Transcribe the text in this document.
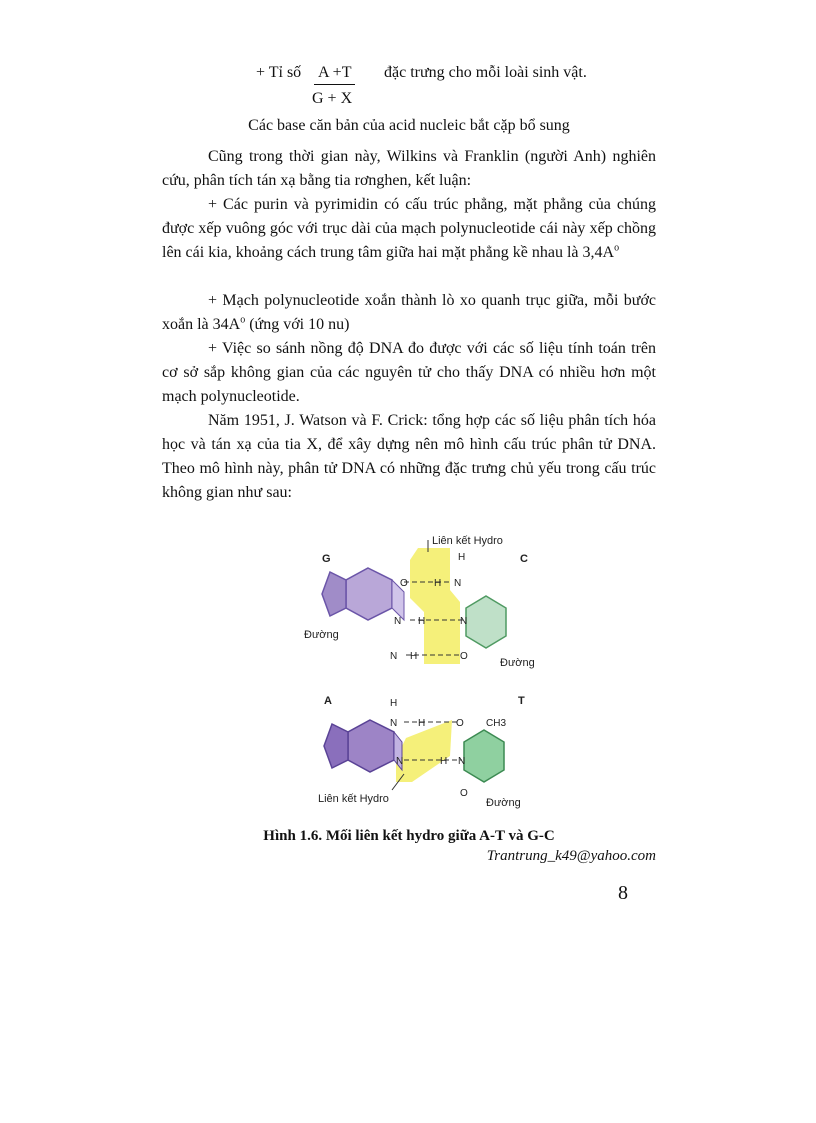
+ Tỉ số A +T
G + X
đặc trưng cho mỗi loài sinh vật.
Các base căn bản của acid nucleic bắt cặp bổ sung
Cũng trong thời gian này, Wilkins và Franklin (người Anh) nghiên cứu, phân tích tán xạ bằng tia rơnghen, kết luận:
+ Các purin và pyrimidin có cấu trúc phẳng, mặt phẳng của chúng được xếp vuông góc với trục dài của mạch polynucleotide cái này xếp chồng lên cái kia, khoảng cách trung tâm giữa hai mặt phẳng kề nhau là $3,4A^o$
+ Mạch polynucleotide xoắn thành lò xo quanh trục giữa, mỗi bước xoắn là $34A^o$ (ứng với 10 nu)
+ Việc so sánh nồng độ DNA đo được với các số liệu tính toán trên cơ sở sắp không gian của các nguyên tử cho thấy DNA có nhiều hơn một mạch polynucleotide.
Năm 1951, J. Watson và F. Crick: tổng hợp các số liệu phân tích hóa học và tán xạ của tia X, để xây dựng nên mô hình cấu trúc phân tử DNA. Theo mô hình này, phân tử DNA có những đặc trưng chủ yếu trong cấu trúc không gian như sau:
O	H N
H
N H	N
N H	O
G	C
Liên kết Hydro
Đường
Đường
N H	O
H
N	H N
O
CH3
A	T
Liên kết Hydro	Đường
Hình 1.6. Mối liên kết hydro giữa A-T và G-C
Trantrung_k49@yahoo.com
8
